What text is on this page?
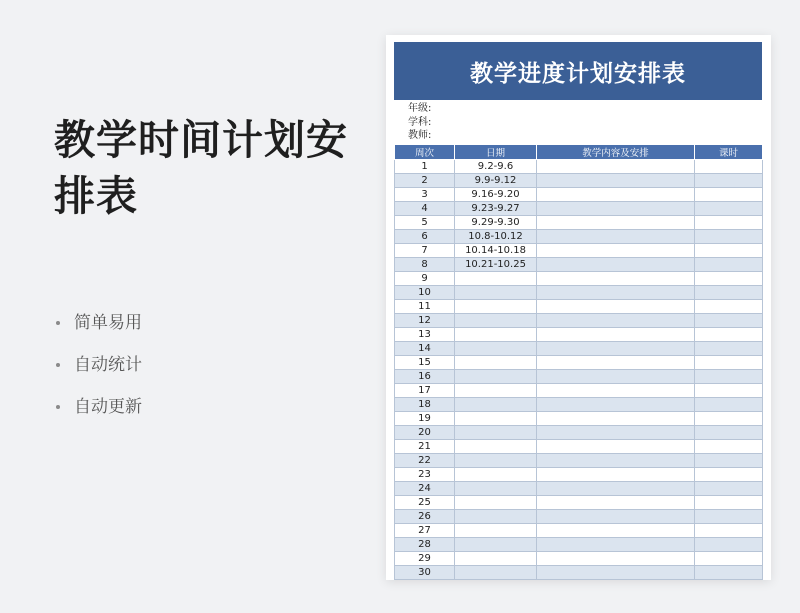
教学时间计划安排表
简单易用
自动统计
自动更新
教学进度计划安排表
年级:
学科:
教师:
周次	日期	教学内容及安排	课时
1	9.2-9.6		
2	9.9-9.12		
3	9.16-9.20		
4	9.23-9.27		
5	9.29-9.30		
6	10.8-10.12		
7	10.14-10.18		
8	10.21-10.25		
9			
10			
11			
12			
13			
14			
15			
16			
17			
18			
19			
20			
21			
22			
23			
24			
25			
26			
27			
28			
29			
30			
